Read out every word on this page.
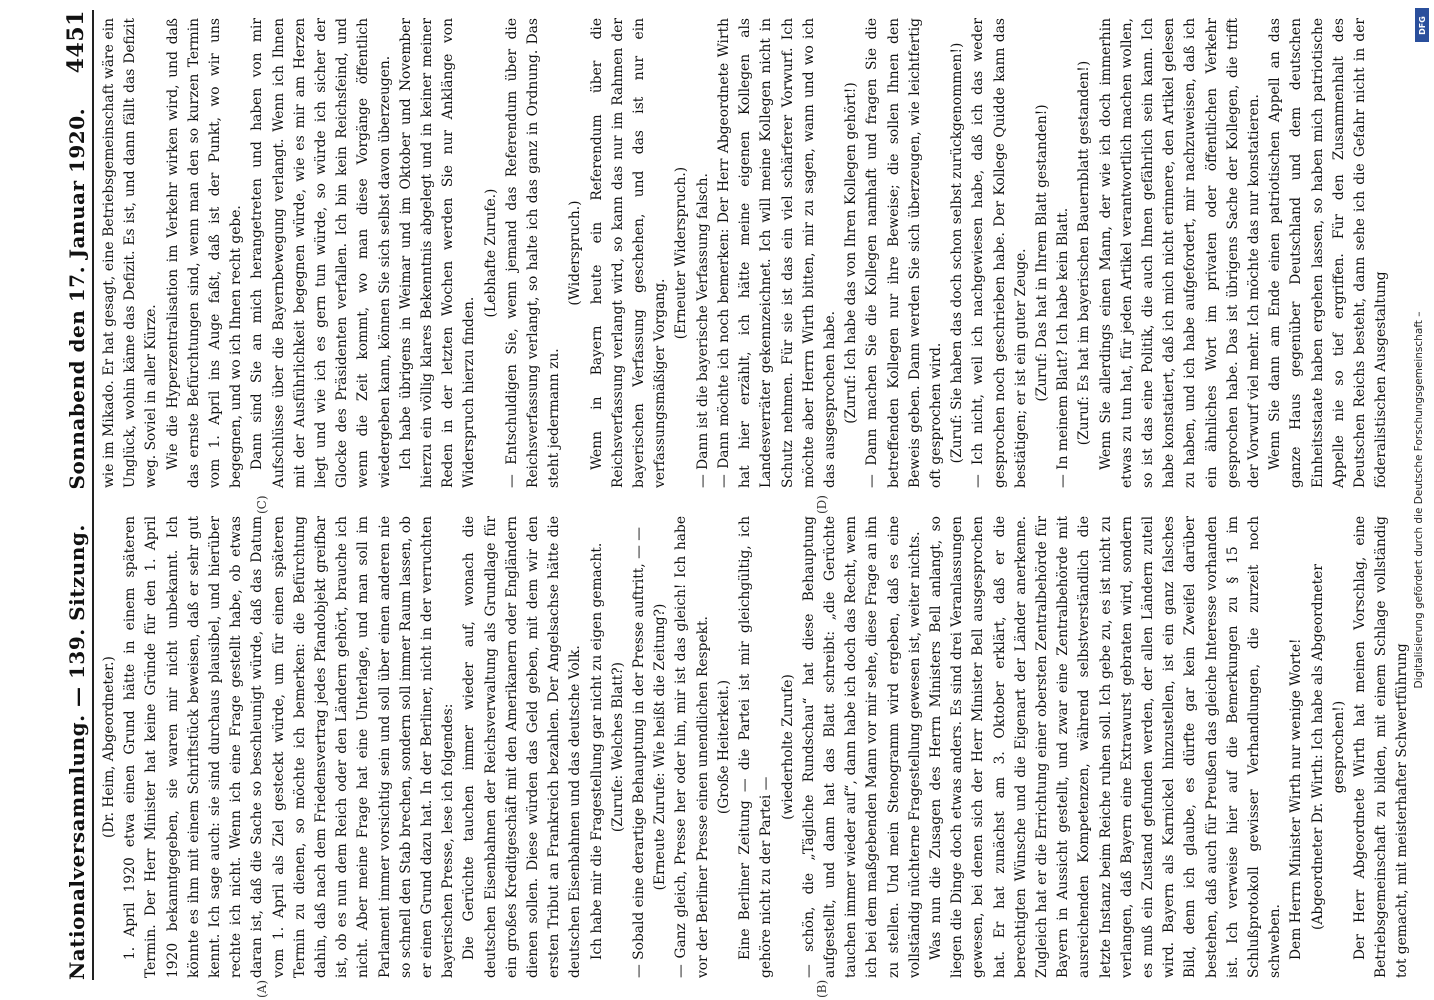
Nationalversammlung. — 139. Sitzung.
Sonnabend den 17. Januar 1920.
4451
(A)	(B)
(C)	(D)

(Dr. Heim, Abgeordneter.) 1. April 1920 etwa einen Grund hätte in einem späteren Termin. Der Herr Minister hat keine Gründe für den 1. April 1920 bekanntgegeben, sie waren mir nicht unbekannt. Ich könnte es ihm mit einem Schriftstück beweisen, daß er sehr gut kennt. Ich sage auch: sie sind durchaus plausibel, und hierüber rechte ich nicht. Wenn ich eine Frage gestellt habe, ob etwas daran ist, daß die Sache so beschleunigt würde, daß das Datum vom 1. April als Ziel gesteckt würde, um für einen späteren Termin zu dienen, so möchte ich bemerken: die Befürchtung dahin, daß nach dem Friedensvertrag jedes Pfandobjekt greifbar ist, ob es nun dem Reich oder den Ländern gehört, brauche ich nicht. Aber meine Frage hat eine Unterlage, und man soll im Parlament immer vorsichtig sein und soll über einen anderen nie so schnell den Stab brechen, sondern soll immer Raum lassen, ob er einen Grund dazu hat. In der Berliner, nicht in der verruchten bayerischen Presse, lese ich folgendes: Die Gerüchte tauchen immer wieder auf, wonach die deutschen Eisenbahnen der Reichsverwaltung als Grundlage für ein großes Kreditgeschäft mit den Amerikanern oder Engländern dienen sollen. Diese würden das Geld geben, mit dem wir den ersten Tribut an Frankreich bezahlen. Der Angelsachse hätte die deutschen Eisenbahnen und das deutsche Volk. Ich habe mir die Fragestellung gar nicht zu eigen gemacht. (Zurufe: Welches Blatt?) — Sobald eine derartige Behauptung in der Presse auftritt, — — (Erneute Zurufe: Wie heißt die Zeitung?) — Ganz gleich, Presse her oder hin, mir ist das gleich! Ich habe vor der Berliner Presse einen unendlichen Respekt. (Große Heiterkeit.) Eine Berliner Zeitung — die Partei ist mir gleichgültig, ich gehöre nicht zu der Partei —

(wiederholte Zurufe) — schön, die „Tägliche Rundschau“ hat diese Behauptung aufgestellt, und dann hat das Blatt schreibt: „die Gerüchte tauchen immer wieder auf“, dann habe ich doch das Recht, wenn ich bei dem maßgebenden Mann vor mir sehe, diese Frage an ihn zu stellen. Und mein Stenogramm wird ergeben, daß es eine vollständig nüchterne Fragestellung gewesen ist, weiter nichts. Was nun die Zusagen des Herrn Ministers Bell anlangt, so liegen die Dinge doch etwas anders. Es sind drei Veranlassungen gewesen, bei denen sich der Herr Minister Bell ausgesprochen hat. Er hat zunächst am 3. Oktober erklärt, daß er die berechtigten Wünsche und die Eigenart der Länder anerkenne. Zugleich hat er die Errichtung einer obersten Zentralbehörde für Bayern in Aussicht gestellt, und zwar eine Zentralbehörde mit ausreichenden Kompetenzen, während selbstverständlich die letzte Instanz beim Reiche ruhen soll. Ich gebe zu, es ist nicht zu verlangen, daß Bayern eine Extrawurst gebraten wird, sondern es muß ein Zustand gefunden werden, der allen Ländern zuteil wird. Bayern als Karnickel hinzustellen, ist ein ganz falsches Bild, denn ich glaube, es dürfte gar kein Zweifel darüber bestehen, daß auch für Preußen das gleiche Interesse vorhanden ist. Ich verweise hier auf die Bemerkungen zu § 15 im Schlußprotokoll gewisser Verhandlungen, die zurzeit noch schweben. Dem Herrn Minister Wirth nur wenige Worte! (Abgeordneter Dr. Wirth: Ich habe als Abgeordneter gesprochen!) Der Herr Abgeordnete Wirth hat meinen Vorschlag, eine Betriebsgemeinschaft zu bilden, mit einem Schlage vollständig tot gemacht, mit meisterhafter Schwertführung

wie im Mikado. Er hat gesagt, eine Betriebsgemeinschaft wäre ein Unglück, wohin käme das Defizit. Es ist, und dann fällt das Defizit weg. Soviel in aller Kürze. Wie die Hyperzentralisation im Verkehr wirken wird, und daß das ernste Befürchtungen sind, wenn man den so kurzen Termin vom 1. April ins Auge faßt, daß ist der Punkt, wo wir uns begegnen, und wo ich Ihnen recht gebe. Dann sind Sie an mich herangetreten und haben von mir Aufschlüsse über die Bayernbewegung verlangt. Wenn ich Ihnen mit der Ausführlichkeit begegnen würde, wie es mir am Herzen liegt und wie ich es gern tun würde, so würde ich sicher der Glocke des Präsidenten verfallen. Ich bin kein Reichsfeind, und wenn die Zeit kommt, wo man diese Vorgänge öffentlich wiedergeben kann, können Sie sich selbst davon überzeugen. Ich habe übrigens in Weimar und im Oktober und November hierzu ein völlig klares Bekenntnis abgelegt und in keiner meiner Reden in der letzten Wochen werden Sie nur Anklänge von Widerspruch hierzu finden.

(Lebhafte Zurufe.) — Entschuldigen Sie, wenn jemand das Referendum über die Reichsverfassung verlangt, so halte ich das ganz in Ordnung. Das steht jedermann zu.

(Widerspruch.) Wenn in Bayern heute ein Referendum über die Reichsverfassung verlangt wird, so kann das nur im Rahmen der bayerischen Verfassung geschehen, und das ist nur ein verfassungsmäßiger Vorgang.

(Erneuter Widerspruch.) — Dann ist die bayerische Verfassung falsch. — Dann möchte ich noch bemerken: Der Herr Abgeordnete Wirth hat hier erzählt, ich hätte meine eigenen Kollegen als Landesverräter gekennzeichnet. Ich will meine Kollegen nicht in Schutz nehmen. Für sie ist das ein viel schärferer Vorwurf. Ich möchte aber Herrn Wirth bitten, mir zu sagen, wann und wo ich das ausgesprochen habe. (Zuruf: Ich habe das von Ihren Kollegen gehört!) — Dann machen Sie die Kollegen namhaft und fragen Sie die betreffenden Kollegen nur ihre Beweise; die sollen Ihnen den Beweis geben. Dann werden Sie sich überzeugen, wie leichtfertig oft gesprochen wird. (Zuruf: Sie haben das doch schon selbst zurückgenommen!) — Ich nicht, weil ich nachgewiesen habe, daß ich das weder gesprochen noch geschrieben habe. Der Kollege Quidde kann das bestätigen; er ist ein guter Zeuge. (Zuruf: Das hat in Ihrem Blatt gestanden!) — In meinem Blatt? Ich habe kein Blatt. (Zuruf: Es hat im bayerischen Bauernblatt gestanden!) Wenn Sie allerdings einen Mann, der wie ich doch immerhin etwas zu tun hat, für jeden Artikel verantwortlich machen wollen, so ist das eine Politik, die auch Ihnen gefährlich sein kann. Ich habe konstatiert, daß ich mich nicht erinnere, den Artikel gelesen zu haben, und ich habe aufgefordert, mir nachzuweisen, daß ich ein ähnliches Wort im privaten oder öffentlichen Verkehr gesprochen habe. Das ist übrigens Sache der Kollegen, die trifft der Vorwurf viel mehr. Ich möchte das nur konstatieren. Wenn Sie dann am Ende einen patriotischen Appell an das ganze Haus gegenüber Deutschland und dem deutschen Einheitsstaate haben ergehen lassen, so haben mich patriotische Appelle nie so tief ergriffen. Für den Zusammenhalt des Deutschen Reichs besteht, dann sehe ich die Gefahr nicht in der föderalistischen Ausgestaltung	Digitalisierung gefördert durch die Deutsche Forschungsgemeinschaft –
DFG
